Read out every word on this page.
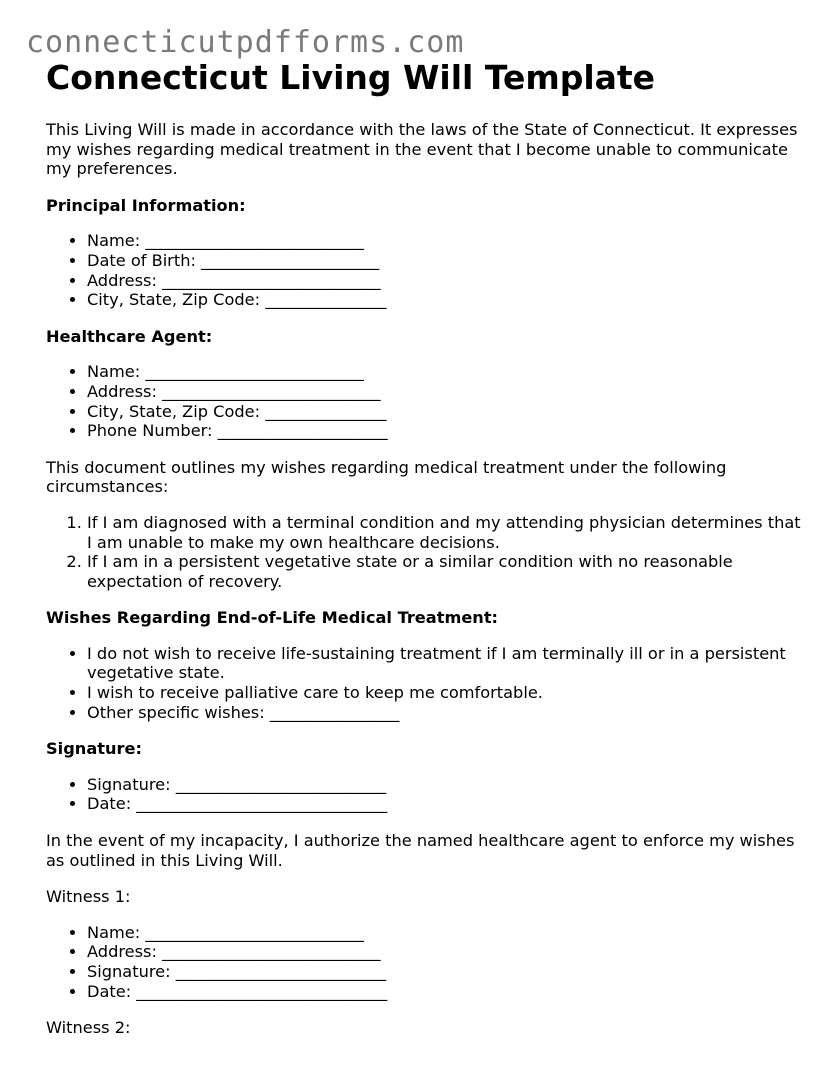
connecticutpdfforms.com
Connecticut Living Will Template

This Living Will is made in accordance with the laws of the State of Connecticut. It expresses my wishes regarding medical treatment in the event that I become unable to communicate my preferences.

Principal Information:

• Name: ___________________________
• Date of Birth: ______________________
• Address: ___________________________
• City, State, Zip Code: _______________

Healthcare Agent:

• Name: ___________________________
• Address: ___________________________
• City, State, Zip Code: _______________
• Phone Number: _____________________

This document outlines my wishes regarding medical treatment under the following circumstances:

1. If I am diagnosed with a terminal condition and my attending physician determines that I am unable to make my own healthcare decisions.
2. If I am in a persistent vegetative state or a similar condition with no reasonable expectation of recovery.

Wishes Regarding End-of-Life Medical Treatment:

• I do not wish to receive life-sustaining treatment if I am terminally ill or in a persistent vegetative state.
• I wish to receive palliative care to keep me comfortable.
• Other specific wishes: ________________

Signature:

• Signature: __________________________
• Date: _______________________________

In the event of my incapacity, I authorize the named healthcare agent to enforce my wishes as outlined in this Living Will.

Witness 1:

• Name: ___________________________
• Address: ___________________________
• Signature: __________________________
• Date: _______________________________

Witness 2:
